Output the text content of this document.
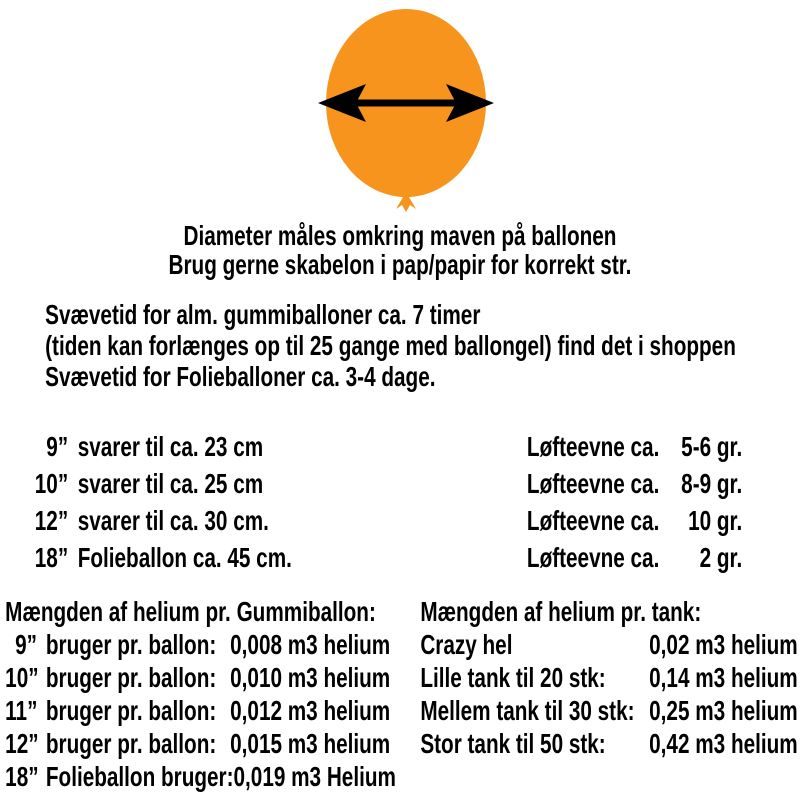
Diameter måles omkring maven på ballonen
Brug gerne skabelon i pap/papir for korrekt str.
Svævetid for alm. gummiballoner ca. 7 timer
(tiden kan forlænges op til 25 gange med ballongel) find det i shoppen
Svævetid for Folieballoner ca. 3-4 dage.
9” svarer til ca. 23 cm	Løfteevne ca. 5-6 gr.
10” svarer til ca. 25 cm	Løfteevne ca. 8-9 gr.
12” svarer til ca. 30 cm.	Løfteevne ca.	10 gr.
18” Folieballon ca. 45 cm.	Løfteevne ca.	2 gr.
Mængden af helium pr. Gummiballon:
9” bruger pr. ballon: 0,008 m3 helium
10” bruger pr. ballon: 0,010 m3 helium
11” bruger pr. ballon: 0,012 m3 helium
12” bruger pr. ballon: 0,015 m3 helium
18” Folieballon bruger: 0,019 m3 Helium
Mængden af helium pr. tank:
Crazy hel	0,02 m3 helium
Lille tank til 20 stk: 0,14 m3 helium
Mellem tank til 30 stk: 0,25 m3 helium
Stor tank til 50 stk: 0,42 m3 helium
